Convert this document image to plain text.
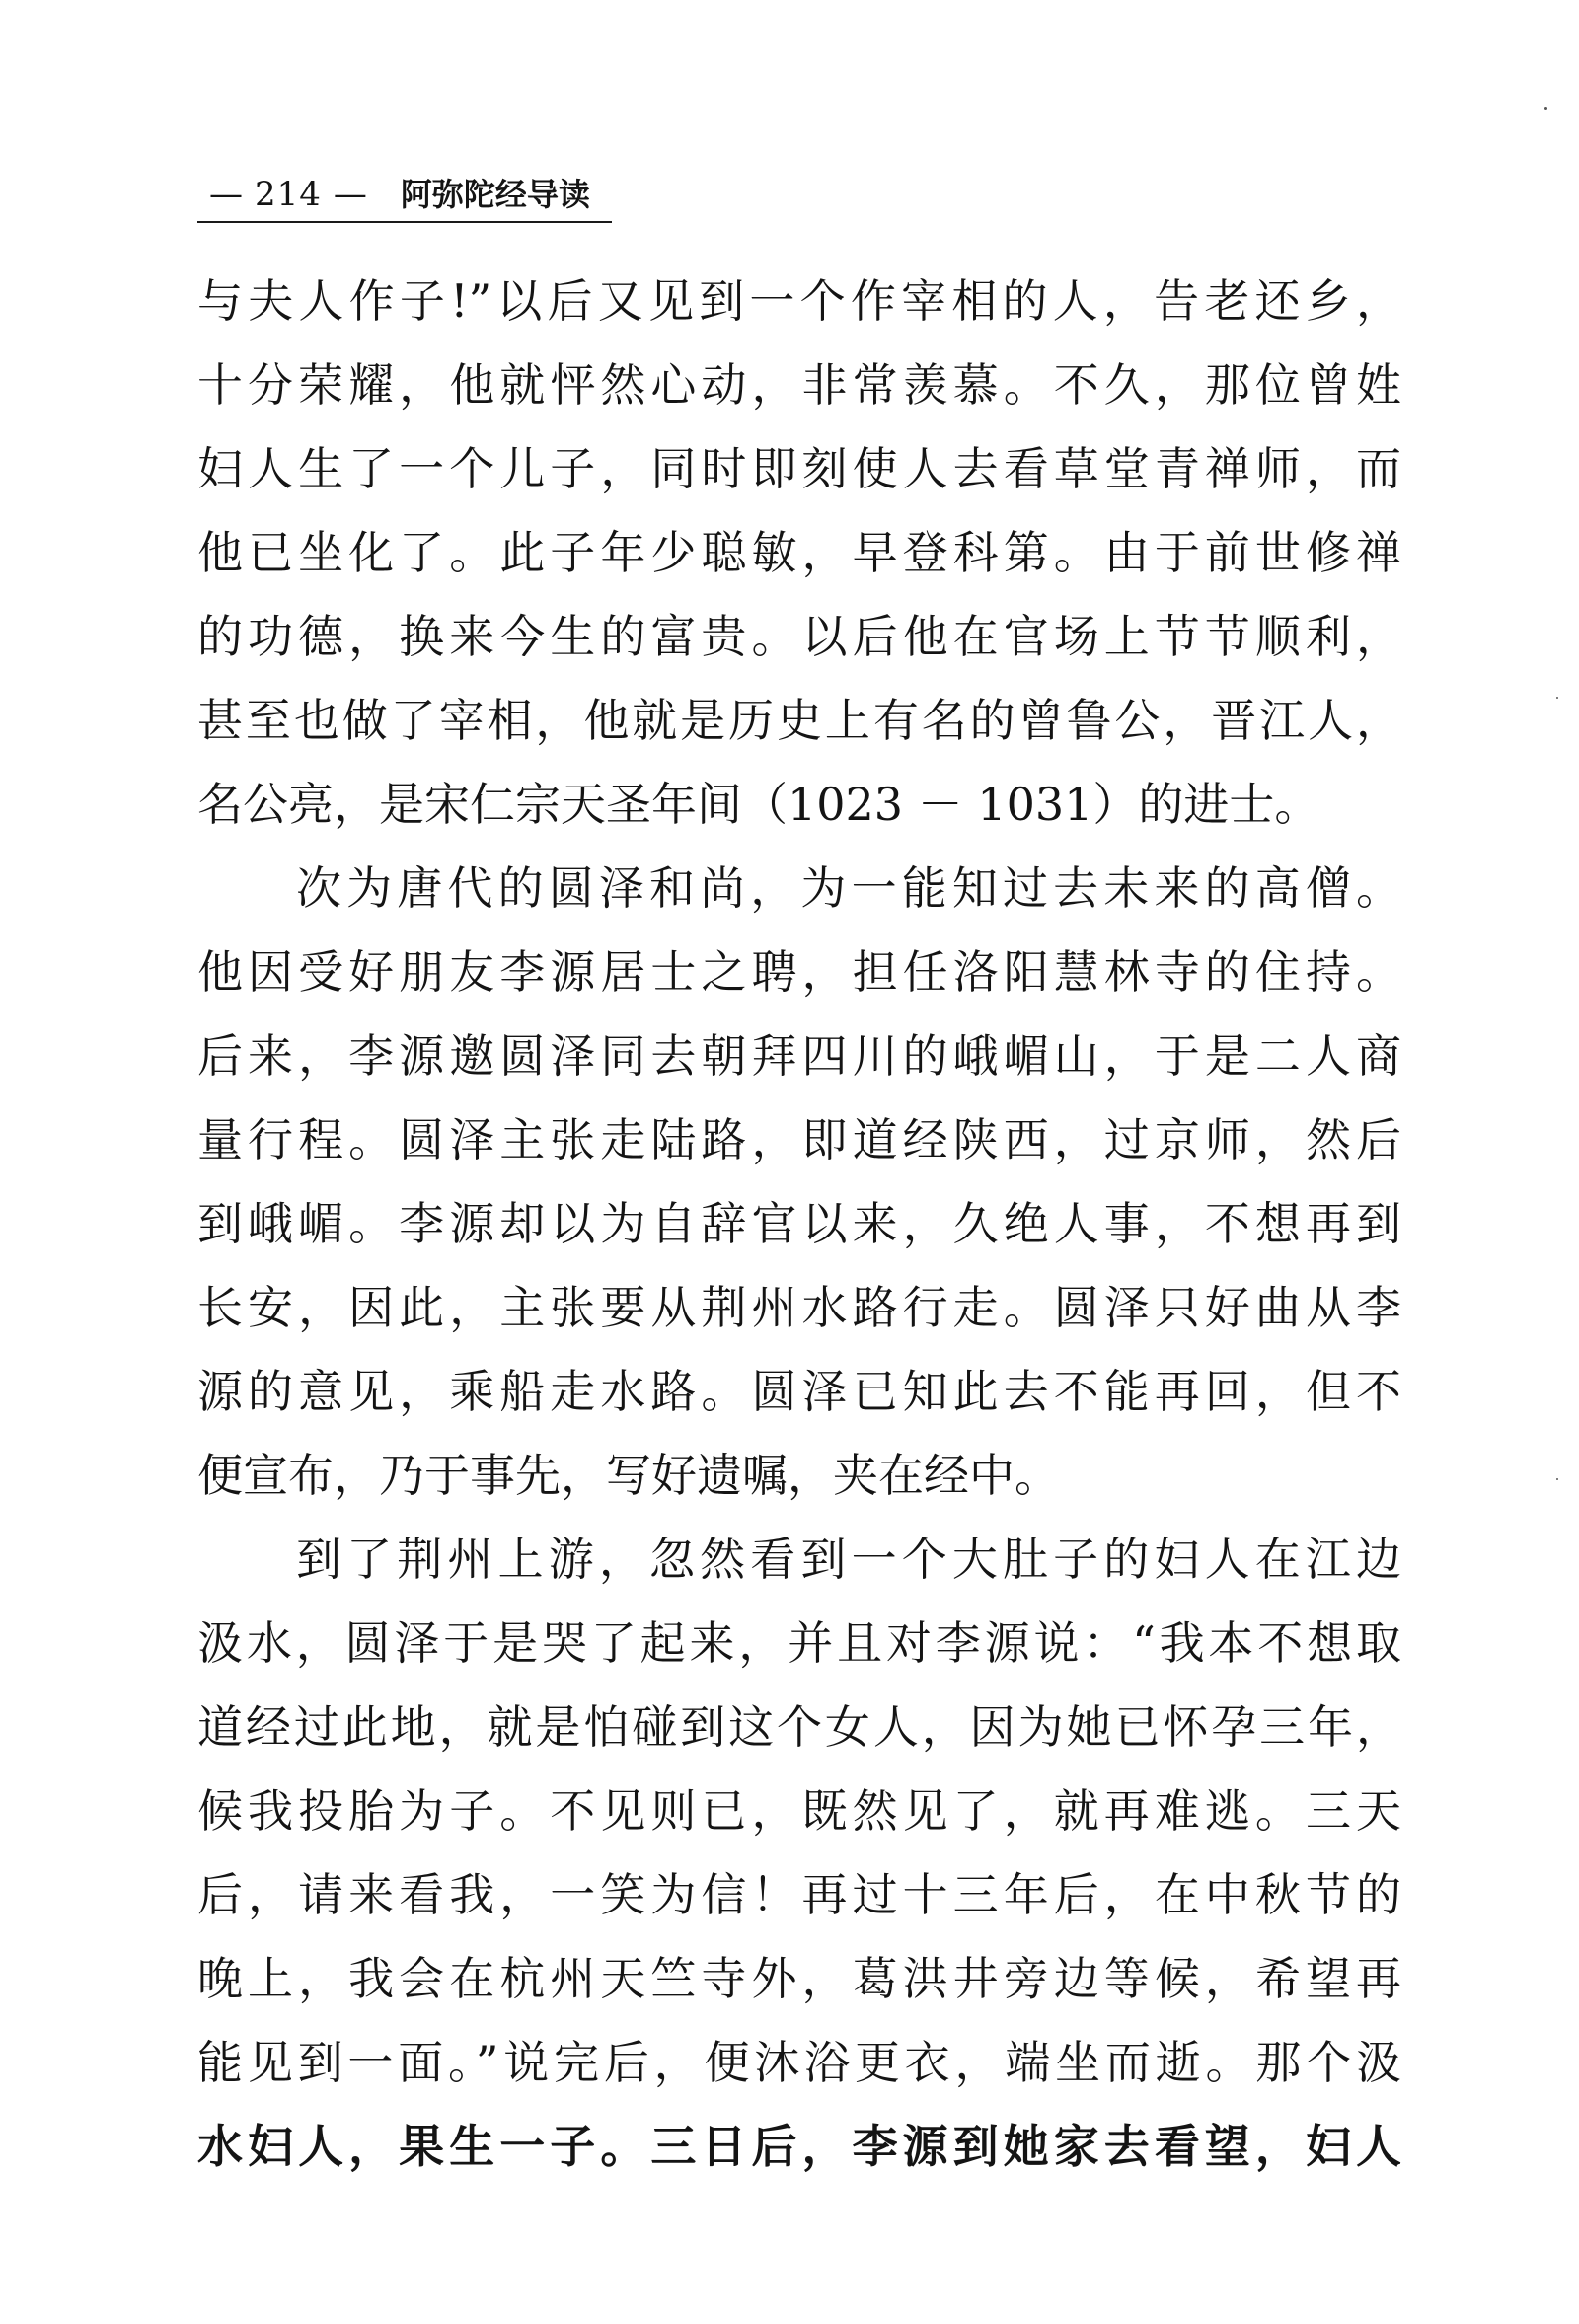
— 214 — 阿弥陀经导读
与夫人作子!”以后又见到一个作宰相的人，告老还乡，
十分荣耀，他就怦然心动，非常羡慕。不久，那位曾姓
妇人生了一个儿子，同时即刻使人去看草堂青禅师，而
他已坐化了。此子年少聪敏，早登科第。由于前世修禅
的功德，换来今生的富贵。以后他在官场上节节顺利，
甚至也做了宰相，他就是历史上有名的曾鲁公，晋江人，
名公亮，是宋仁宗天圣年间（1023 － 1031）的进士。
次为唐代的圆泽和尚，为一能知过去未来的高僧。
他因受好朋友李源居士之聘，担任洛阳慧林寺的住持。
后来，李源邀圆泽同去朝拜四川的峨嵋山，于是二人商
量行程。圆泽主张走陆路，即道经陕西，过京师，然后
到峨嵋。李源却以为自辞官以来，久绝人事，不想再到
长安，因此，主张要从荆州水路行走。圆泽只好曲从李
源的意见，乘船走水路。圆泽已知此去不能再回，但不
便宣布，乃于事先，写好遗嘱，夹在经中。
到了荆州上游，忽然看到一个大肚子的妇人在江边
汲水，圆泽于是哭了起来，并且对李源说：“我本不想取
道经过此地，就是怕碰到这个女人，因为她已怀孕三年，
候我投胎为子。不见则已，既然见了，就再难逃。三天
后，请来看我，一笑为信！再过十三年后，在中秋节的
晚上，我会在杭州天竺寺外，葛洪井旁边等候，希望再
能见到一面。”说完后，便沐浴更衣，端坐而逝。那个汲
水妇人，果生一子。三日后，李源到她家去看望，妇人
